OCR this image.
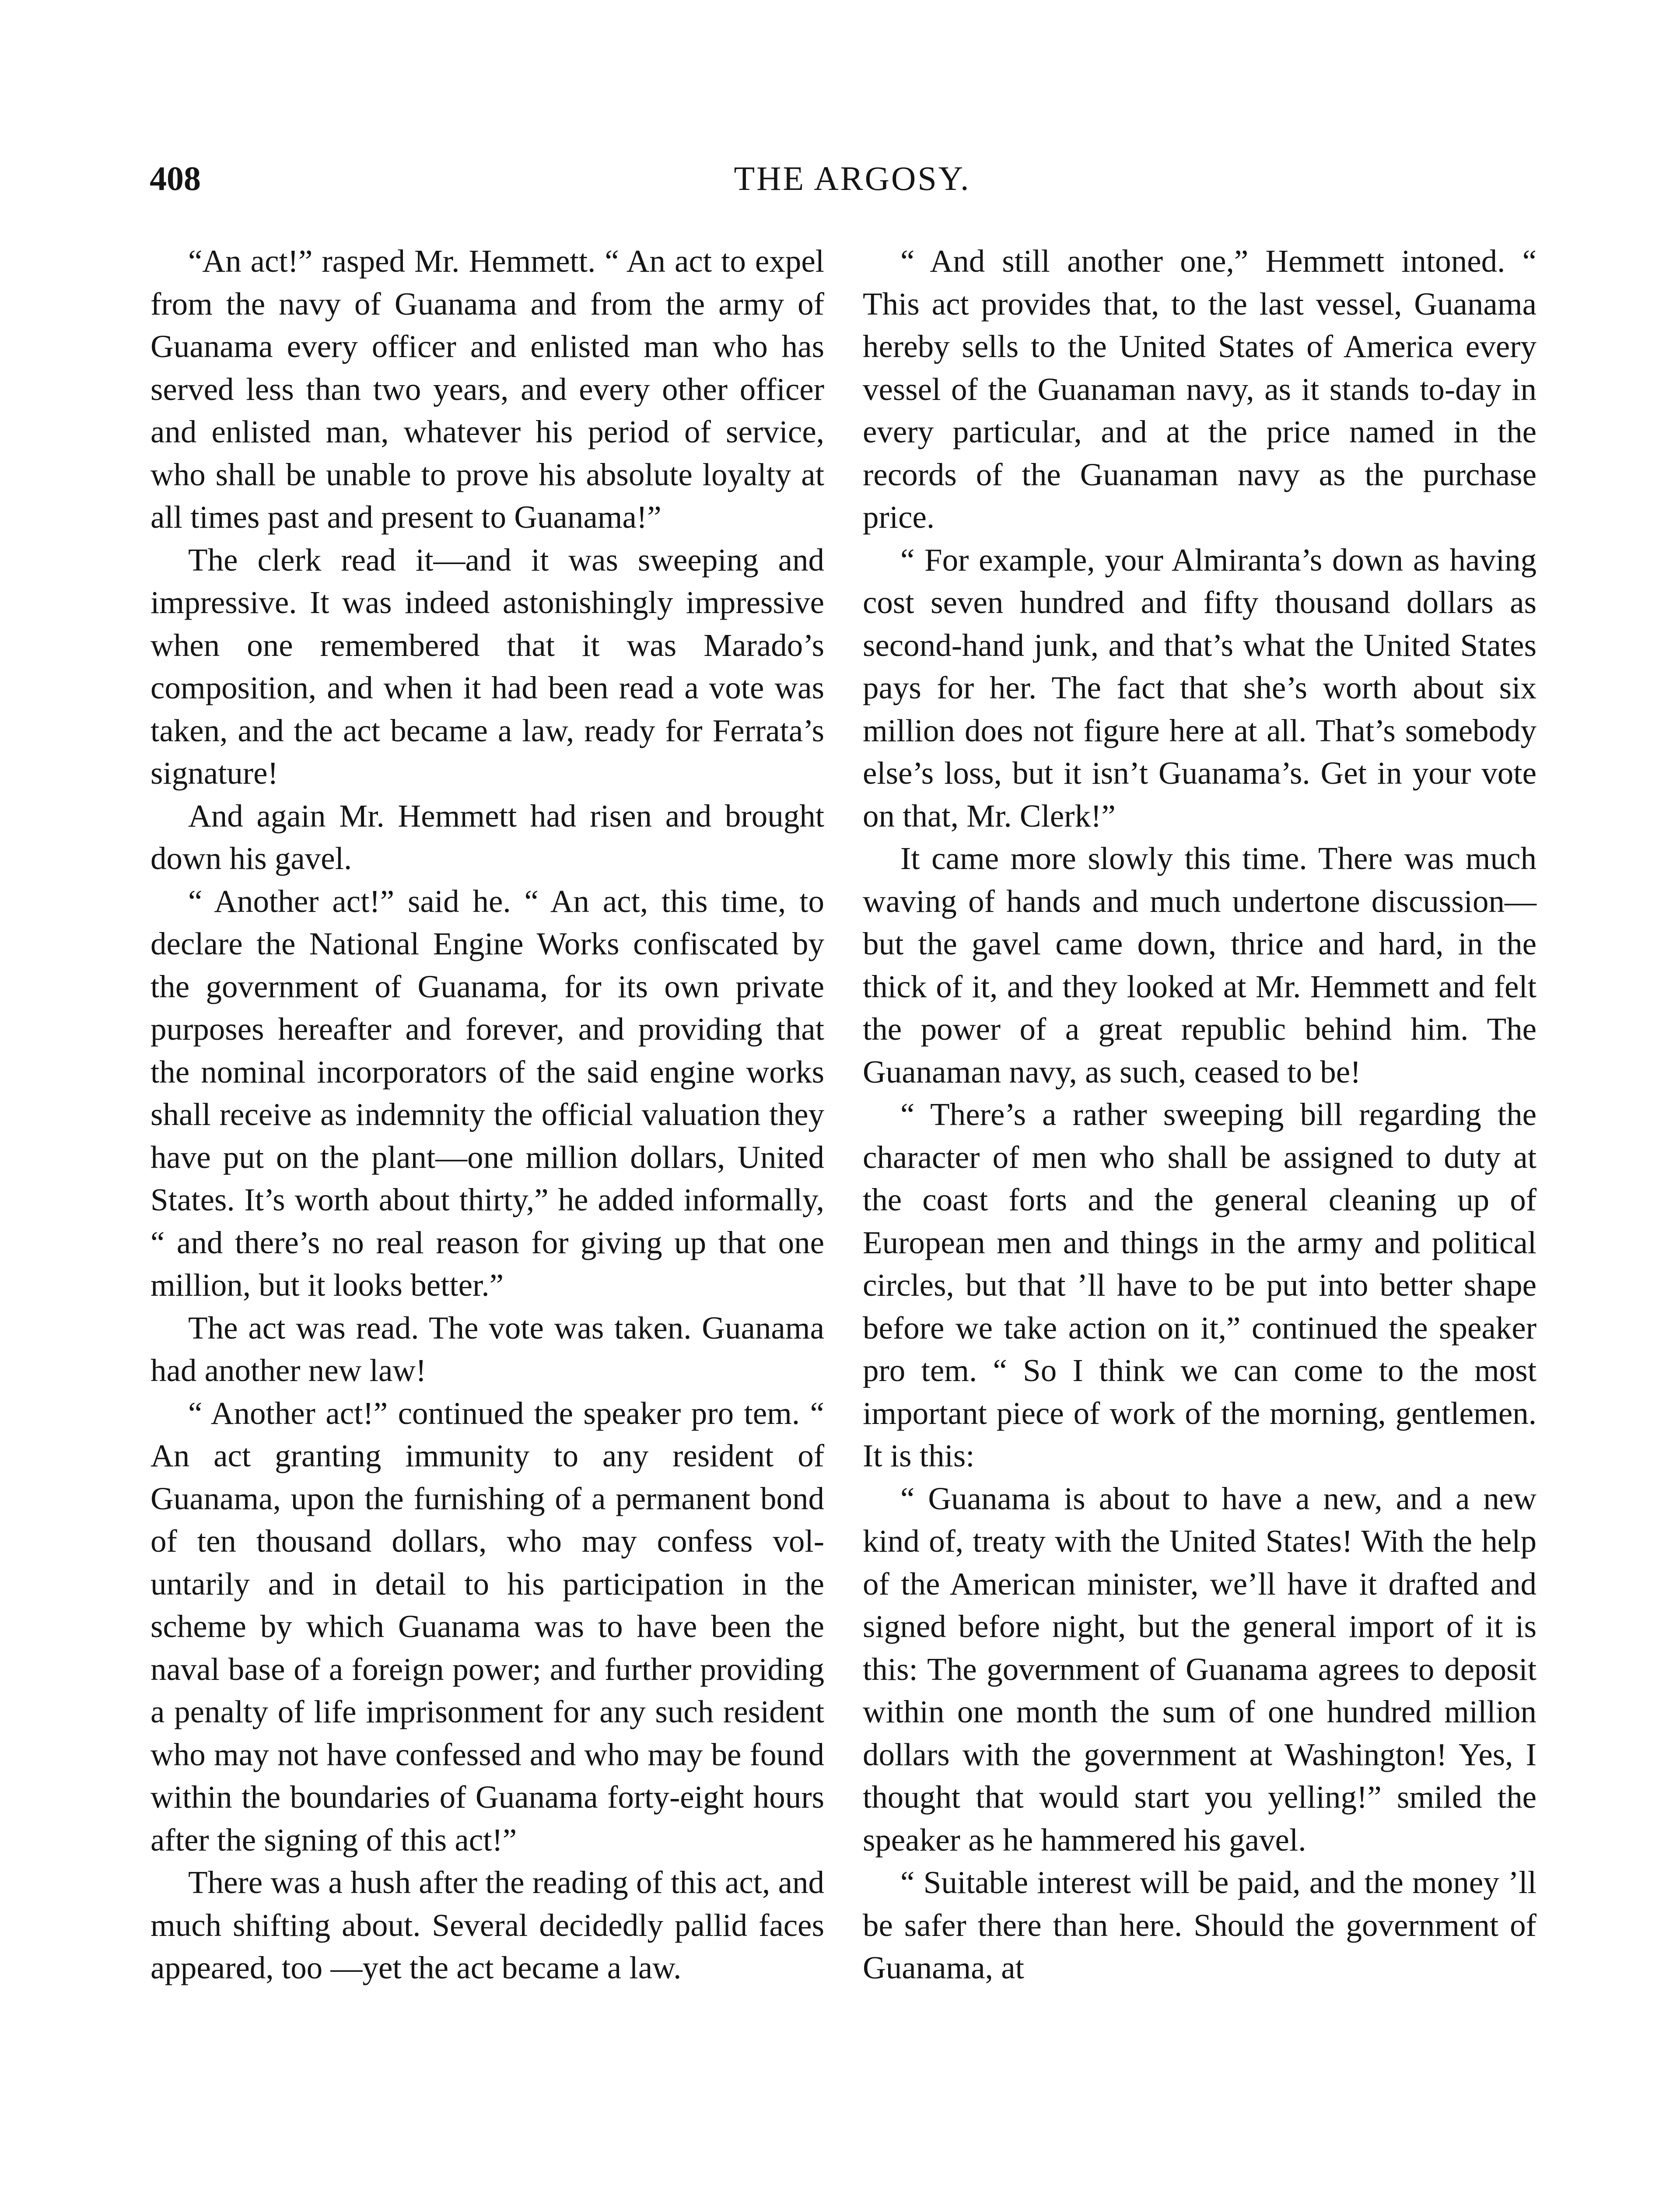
408	THE ARGOSY.

“An act!” rasped Mr. Hemmett. “ An act to expel from the navy of Guanama and from the army of Guanama every officer and enlisted man who has served less than two years, and every other officer and enlisted man, whatever his period of service, who shall be unable to prove his absolute loyalty at all times past and present to Guanama!”

The clerk read it—and it was sweeping and impressive. It was indeed astonishingly impressive when one remembered that it was Marado’s composition, and when it had been read a vote was taken, and the act became a law, ready for Ferrata’s signature!

And again Mr. Hemmett had risen and brought down his gavel.

“ Another act!” said he. “ An act, this time, to declare the National Engine Works confiscated by the government of Guanama, for its own private purposes hereafter and forever, and providing that the nominal incorporators of the said engine works shall receive as indemnity the official valuation they have put on the plant—one million dollars, United States. It’s worth about thirty,” he added informally, “ and there’s no real reason for giving up that one million, but it looks better.”

The act was read. The vote was taken. Guanama had another new law!

“ Another act!” continued the speaker pro tem. “ An act granting immunity to any resident of Guanama, upon the furnishing of a permanent bond of ten thousand dollars, who may confess voluntarily and in detail to his participation in the scheme by which Guanama was to have been the naval base of a foreign power; and further providing a penalty of life imprisonment for any such resident who may not have confessed and who may be found within the boundaries of Guanama forty-eight hours after the signing of this act!”

There was a hush after the reading of this act, and much shifting about. Several decidedly pallid faces appeared, too —yet the act became a law.

“ And still another one,” Hemmett intoned. “ This act provides that, to the last vessel, Guanama hereby sells to the United States of America every vessel of the Guanaman navy, as it stands to-day in every particular, and at the price named in the records of the Guanaman navy as the purchase price.

“ For example, your Almiranta’s down as having cost seven hundred and fifty thousand dollars as second-hand junk, and that’s what the United States pays for her. The fact that she’s worth about six million does not figure here at all. That’s somebody else’s loss, but it isn’t Guanama’s. Get in your vote on that, Mr. Clerk!”

It came more slowly this time. There was much waving of hands and much undertone discussion—but the gavel came down, thrice and hard, in the thick of it, and they looked at Mr. Hemmett and felt the power of a great republic behind him. The Guanaman navy, as such, ceased to be!

“ There’s a rather sweeping bill regarding the character of men who shall be assigned to duty at the coast forts and the general cleaning up of European men and things in the army and political circles, but that ’ll have to be put into better shape before we take action on it,” continued the speaker pro tem. “ So I think we can come to the most important piece of work of the morning, gentlemen. It is this:

“ Guanama is about to have a new, and a new kind of, treaty with the United States! With the help of the American minister, we’ll have it drafted and signed before night, but the general import of it is this: The government of Guanama agrees to deposit within one month the sum of one hundred million dollars with the government at Washington! Yes, I thought that would start you yelling!” smiled the speaker as he hammered his gavel.

“ Suitable interest will be paid, and the money ’ll be safer there than here. Should the government of Guanama, at
